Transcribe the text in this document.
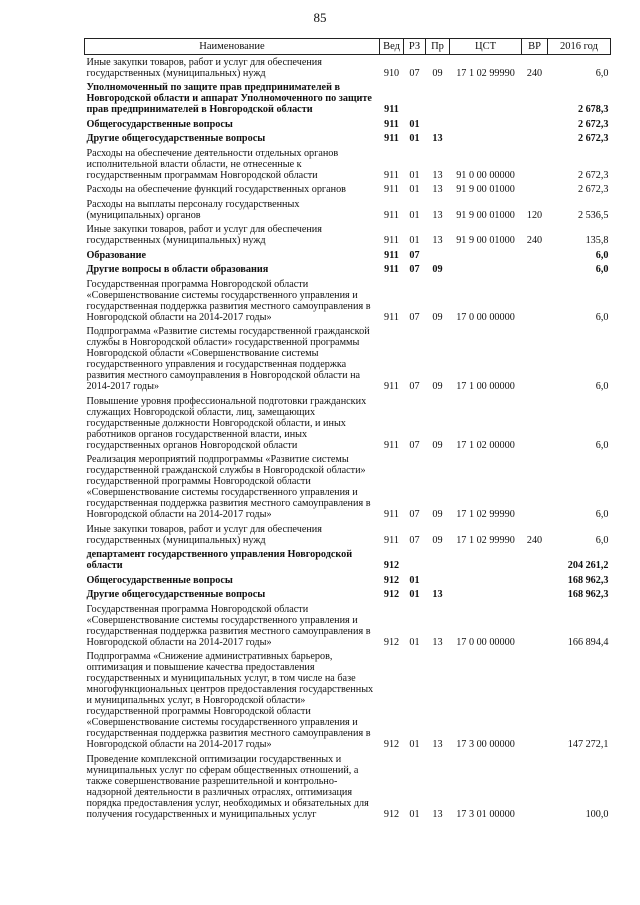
85
Наименование	Вед	РЗ	Пр	ЦСТ	ВР	2016 год
Иные закупки товаров, работ и услуг для обеспечения государственных (муниципальных) нужд	910	07	09	17 1 02 99990	240	6,0
Уполномоченный по защите прав предпринимателей в Новгородской области и аппарат Уполномоченного по защите прав предпринимателей в Новгородской области	911					2 678,3
Общегосударственные вопросы	911	01				2 672,3
Другие общегосударственные вопросы	911	01	13			2 672,3
Расходы на обеспечение деятельности отдельных органов исполнительной власти области, не отнесенные к государственным программам Новгородской области	911	01	13	91 0 00 00000		2 672,3
Расходы на обеспечение функций государственных органов	911	01	13	91 9 00 01000		2 672,3
Расходы на выплаты персоналу государственных (муниципальных) органов	911	01	13	91 9 00 01000	120	2 536,5
Иные закупки товаров, работ и услуг для обеспечения государственных (муниципальных) нужд	911	01	13	91 9 00 01000	240	135,8
Образование	911	07				6,0
Другие вопросы в области образования	911	07	09			6,0
Государственная программа Новгородской области «Совершенствование системы государственного управления и государственная поддержка развития местного самоуправления в Новгородской области на 2014-2017 годы»	911	07	09	17 0 00 00000		6,0
Подпрограмма «Развитие системы государственной гражданской службы в Новгородской области» государственной программы Новгородской области «Совершенствование системы государственного управления и государственная поддержка развития местного самоуправления в Новгородской области на 2014-2017 годы»	911	07	09	17 1 00 00000		6,0
Повышение уровня профессиональной подготовки гражданских служащих Новгородской области, лиц, замещающих государственные должности Новгородской области, и иных работников органов государственной власти, иных государственных органов Новгородской области	911	07	09	17 1 02 00000		6,0
Реализация мероприятий подпрограммы «Развитие системы государственной гражданской службы в Новгородской области» государственной программы Новгородской области «Совершенствование системы государственного управления и государственная поддержка развития местного самоуправления в Новгородской области на 2014-2017 годы»	911	07	09	17 1 02 99990		6,0
Иные закупки товаров, работ и услуг для обеспечения государственных (муниципальных) нужд	911	07	09	17 1 02 99990	240	6,0
департамент государственного управления Новгородской области	912					204 261,2
Общегосударственные вопросы	912	01				168 962,3
Другие общегосударственные вопросы	912	01	13			168 962,3
Государственная программа Новгородской области «Совершенствование системы государственного управления и государственная поддержка развития местного самоуправления в Новгородской области на 2014-2017 годы»	912	01	13	17 0 00 00000		166 894,4
Подпрограмма «Снижение административных барьеров, оптимизация и повышение качества предоставления государственных и муниципальных услуг, в том числе на базе многофункциональных центров предоставления государственных и муниципальных услуг, в Новгородской области» государственной программы Новгородской области «Совершенствование системы государственного управления и государственная поддержка развития местного самоуправления в Новгородской области на 2014-2017 годы»	912	01	13	17 3 00 00000		147 272,1
Проведение комплексной оптимизации государственных и муниципальных услуг по сферам общественных отношений, а также совершенствование разрешительной и контрольно-надзорной деятельности в различных отраслях, оптимизация порядка предоставления услуг, необходимых и обязательных для получения государственных и муниципальных услуг	912	01	13	17 3 01 00000		100,0
